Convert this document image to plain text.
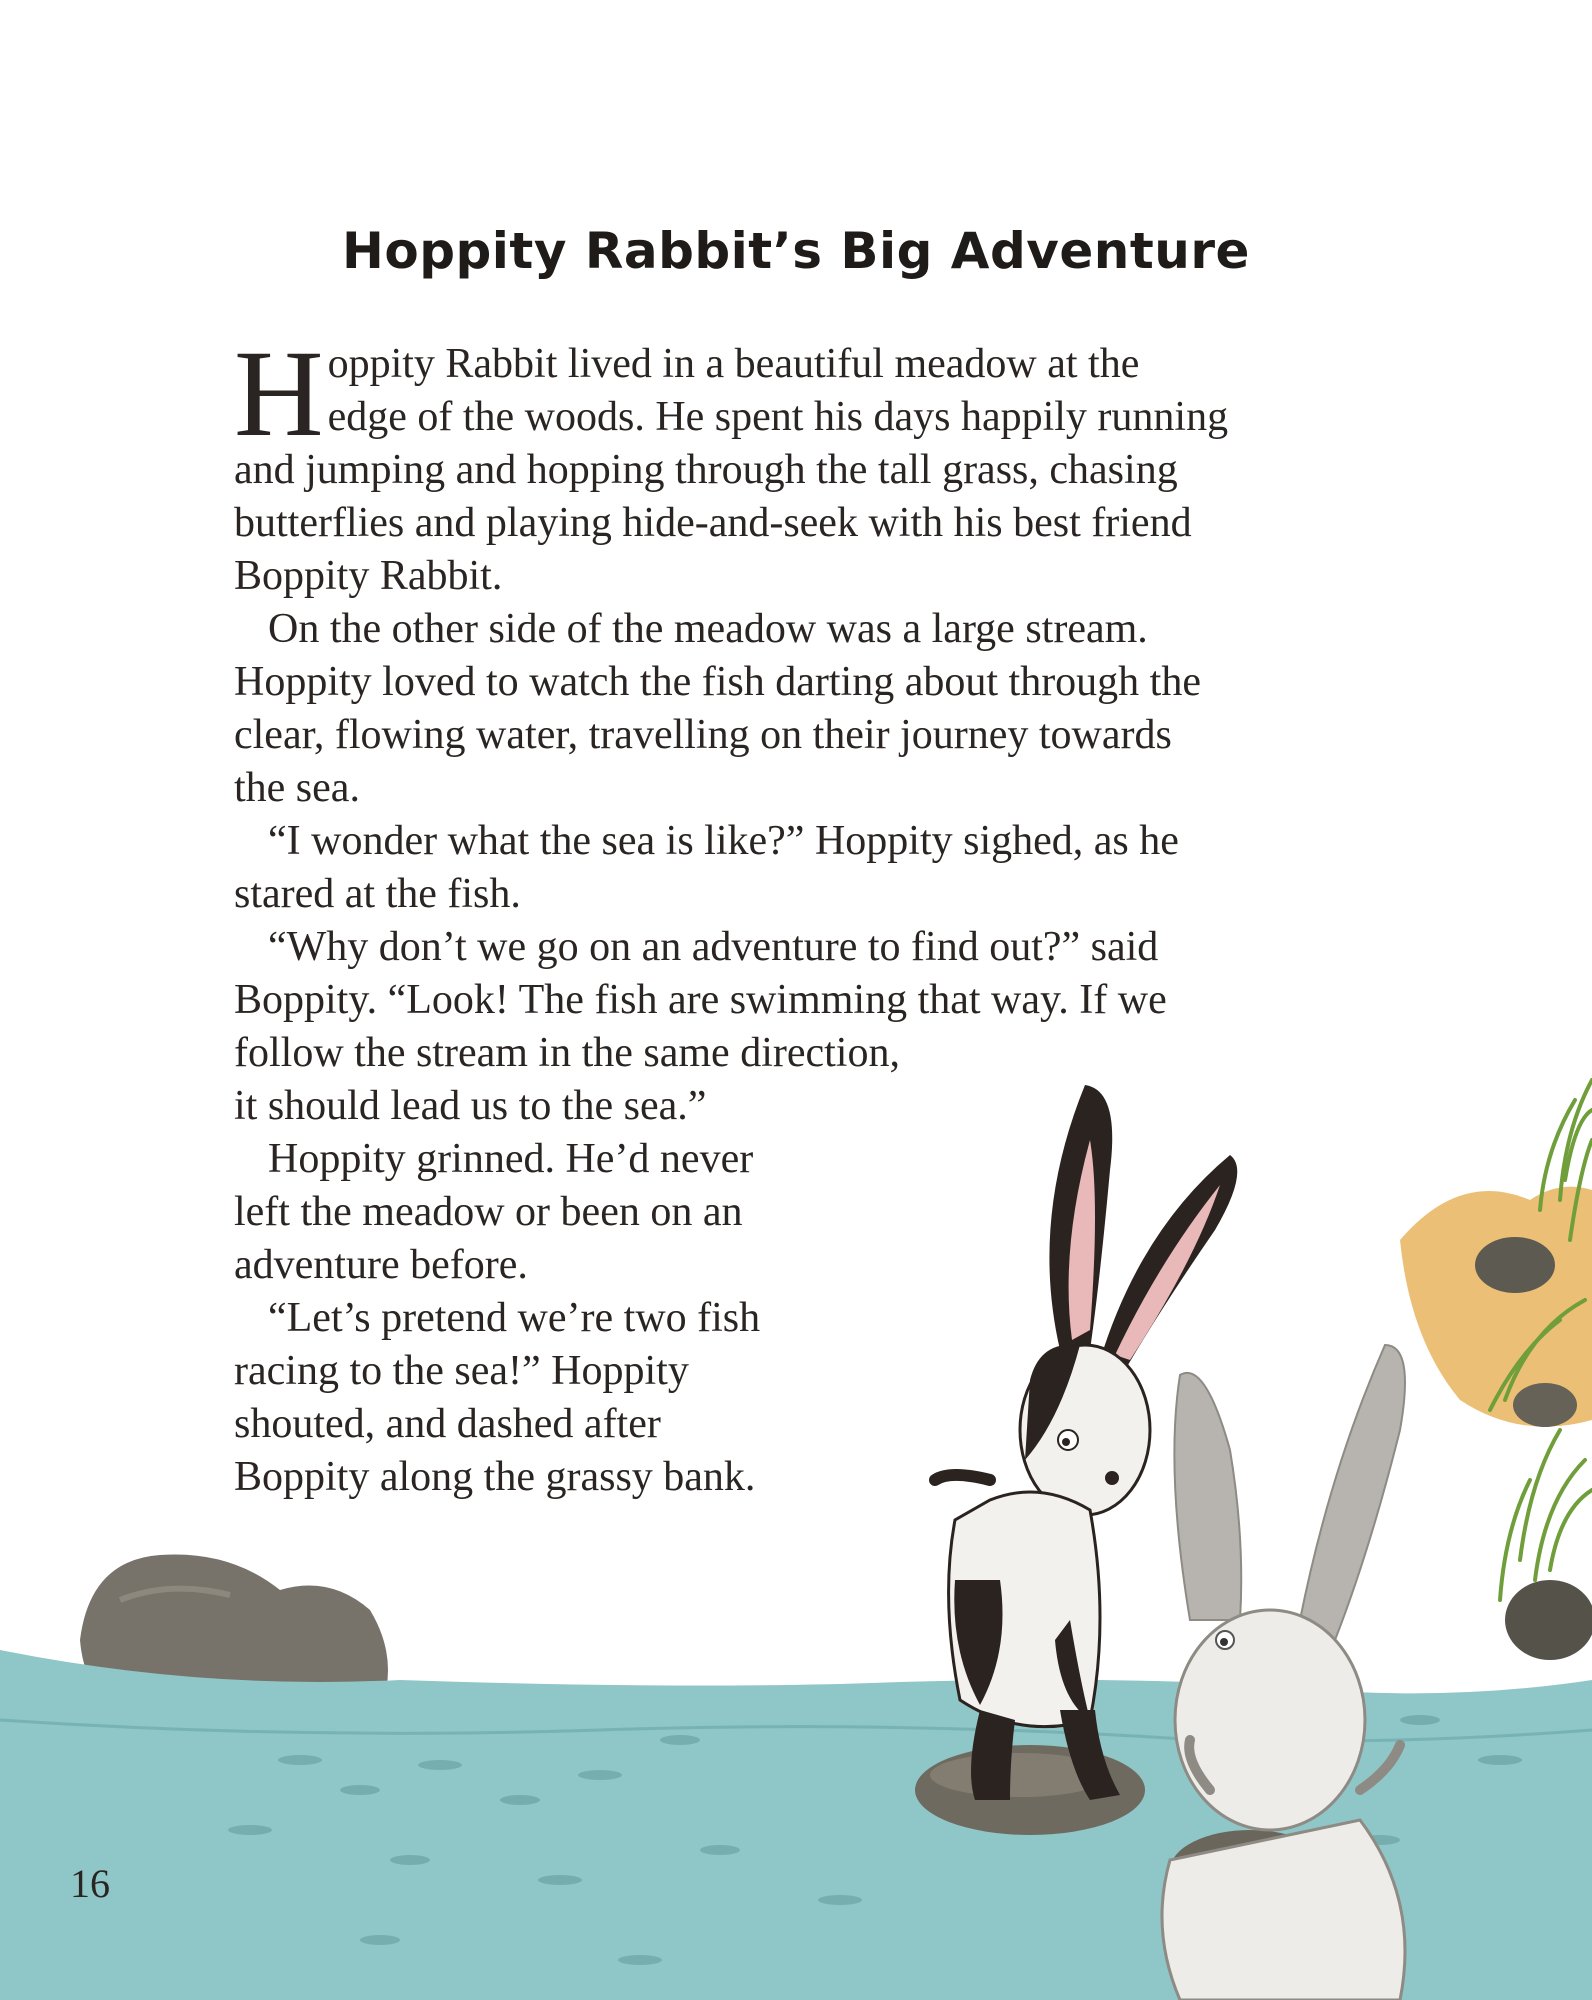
Hoppity Rabbit’s Big Adventure
H oppity Rabbit lived in a beautiful meadow at the
edge of the woods. He spent his days happily running
and jumping and hopping through the tall grass, chasing
butterflies and playing hide-and-seek with his best friend
Boppity Rabbit.
On the other side of the meadow was a large stream.
Hoppity loved to watch the fish darting about through the
clear, flowing water, travelling on their journey towards
the sea.
“I wonder what the sea is like?” Hoppity sighed, as he
stared at the fish.
“Why don’t we go on an adventure to find out?” said
Boppity. “Look! The fish are swimming that way. If we
follow the stream in the same direction,
it should lead us to the sea.”
Hoppity grinned. He’d never
left the meadow or been on an
adventure before.
“Let’s pretend we’re two fish
racing to the sea!” Hoppity
shouted, and dashed after
Boppity along the grassy bank.
16
